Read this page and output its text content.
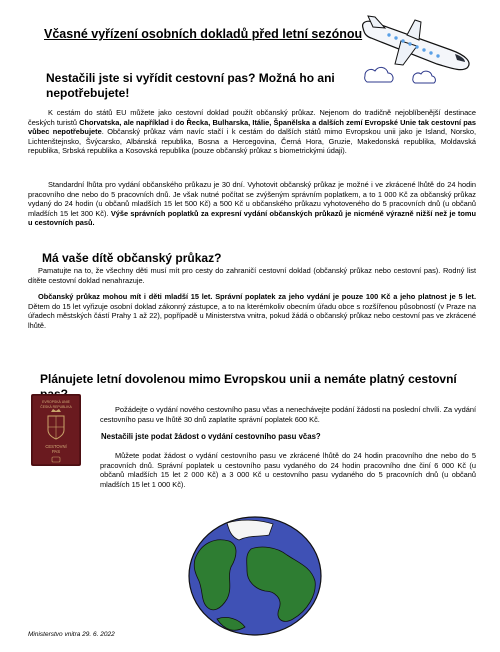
Včasné vyřízení osobních dokladů před letní sezónou
Nestačili jste si vyřídit cestovní pas? Možná ho ani nepotřebujete!
K cestám do států EU můžete jako cestovní doklad použít občanský průkaz. Nejenom do tradičně nejoblíbenější destinace českých turistů Chorvatska, ale například i do Řecka, Bulharska, Itálie, Španělska a dalších zemí Evropské Unie tak cestovní pas vůbec nepotřebujete. Občanský průkaz vám navíc stačí i k cestám do dalších států mimo Evropskou unii jako je Island, Norsko, Lichtenštejnsko, Švýcarsko, Albánská republika, Bosna a Hercegovina, Černá Hora, Gruzie, Makedonská republika, Moldavská republika, Srbská republika a Kosovská republika (pouze občanský průkaz s biometrickými údaji).
Standardní lhůta pro vydání občanského průkazu je 30 dní. Vyhotovit občanský průkaz je možné i ve zkrácené lhůtě do 24 hodin pracovního dne nebo do 5 pracovních dnů. Je však nutné počítat se zvýšeným správním poplatkem, a to 1 000 Kč za občanský průkaz vydaný do 24 hodin (u občanů mladších 15 let 500 Kč) a 500 Kč u občanského průkazu vyhotoveného do 5 pracovních dnů (u občanů mladších 15 let 300 Kč). Výše správních poplatků za expresní vydání občanských průkazů je nicméně výrazně nižší než je tomu u cestovních pasů.
Má vaše dítě občanský průkaz?
Pamatujte na to, že všechny děti musí mít pro cesty do zahraničí cestovní doklad (občanský průkaz nebo cestovní pas). Rodný list dítěte cestovní doklad nenahrazuje.
Občanský průkaz mohou mít i děti mladší 15 let. Správní poplatek za jeho vydání je pouze 100 Kč a jeho platnost je 5 let. Dětem do 15 let vyřizuje osobní doklad zákonný zástupce, a to na kterémkoliv obecním úřadu obce s rozšířenou působností (v Praze na úřadech městských částí Prahy 1 až 22), popřípadě u Ministerstva vnitra, pokud žádá o občanský průkaz nebo cestovní pas ve zkrácené lhůtě.
Plánujete letní dovolenou mimo Evropskou unii a nemáte platný cestovní
EVROPSKÁ UNIE
ČESKÁ REPUBLIKA
CESTOVNÍ
PAS
Požádejte o vydání nového cestovního pasu včas a nenechávejte podání žádosti na poslední chvíli. Za vydání cestovního pasu ve lhůtě 30 dnů zaplatíte správní poplatek 600 Kč.
Nestačili jste podat žádost o vydání cestovního pasu včas?
Můžete podat žádost o vydání cestovního pasu ve zkrácené lhůtě do 24 hodin pracovního dne nebo do 5 pracovních dnů. Správní poplatek u cestovního pasu vydaného do 24 hodin pracovního dne činí 6 000 Kč (u občanů mladších 15 let 2 000 Kč) a 3 000 Kč u cestovního pasu vydaného do 5 pracovních dnů (u občanů mladších 15 let 1 000 Kč).
Ministerstvo vnitra 29. 6. 2022
